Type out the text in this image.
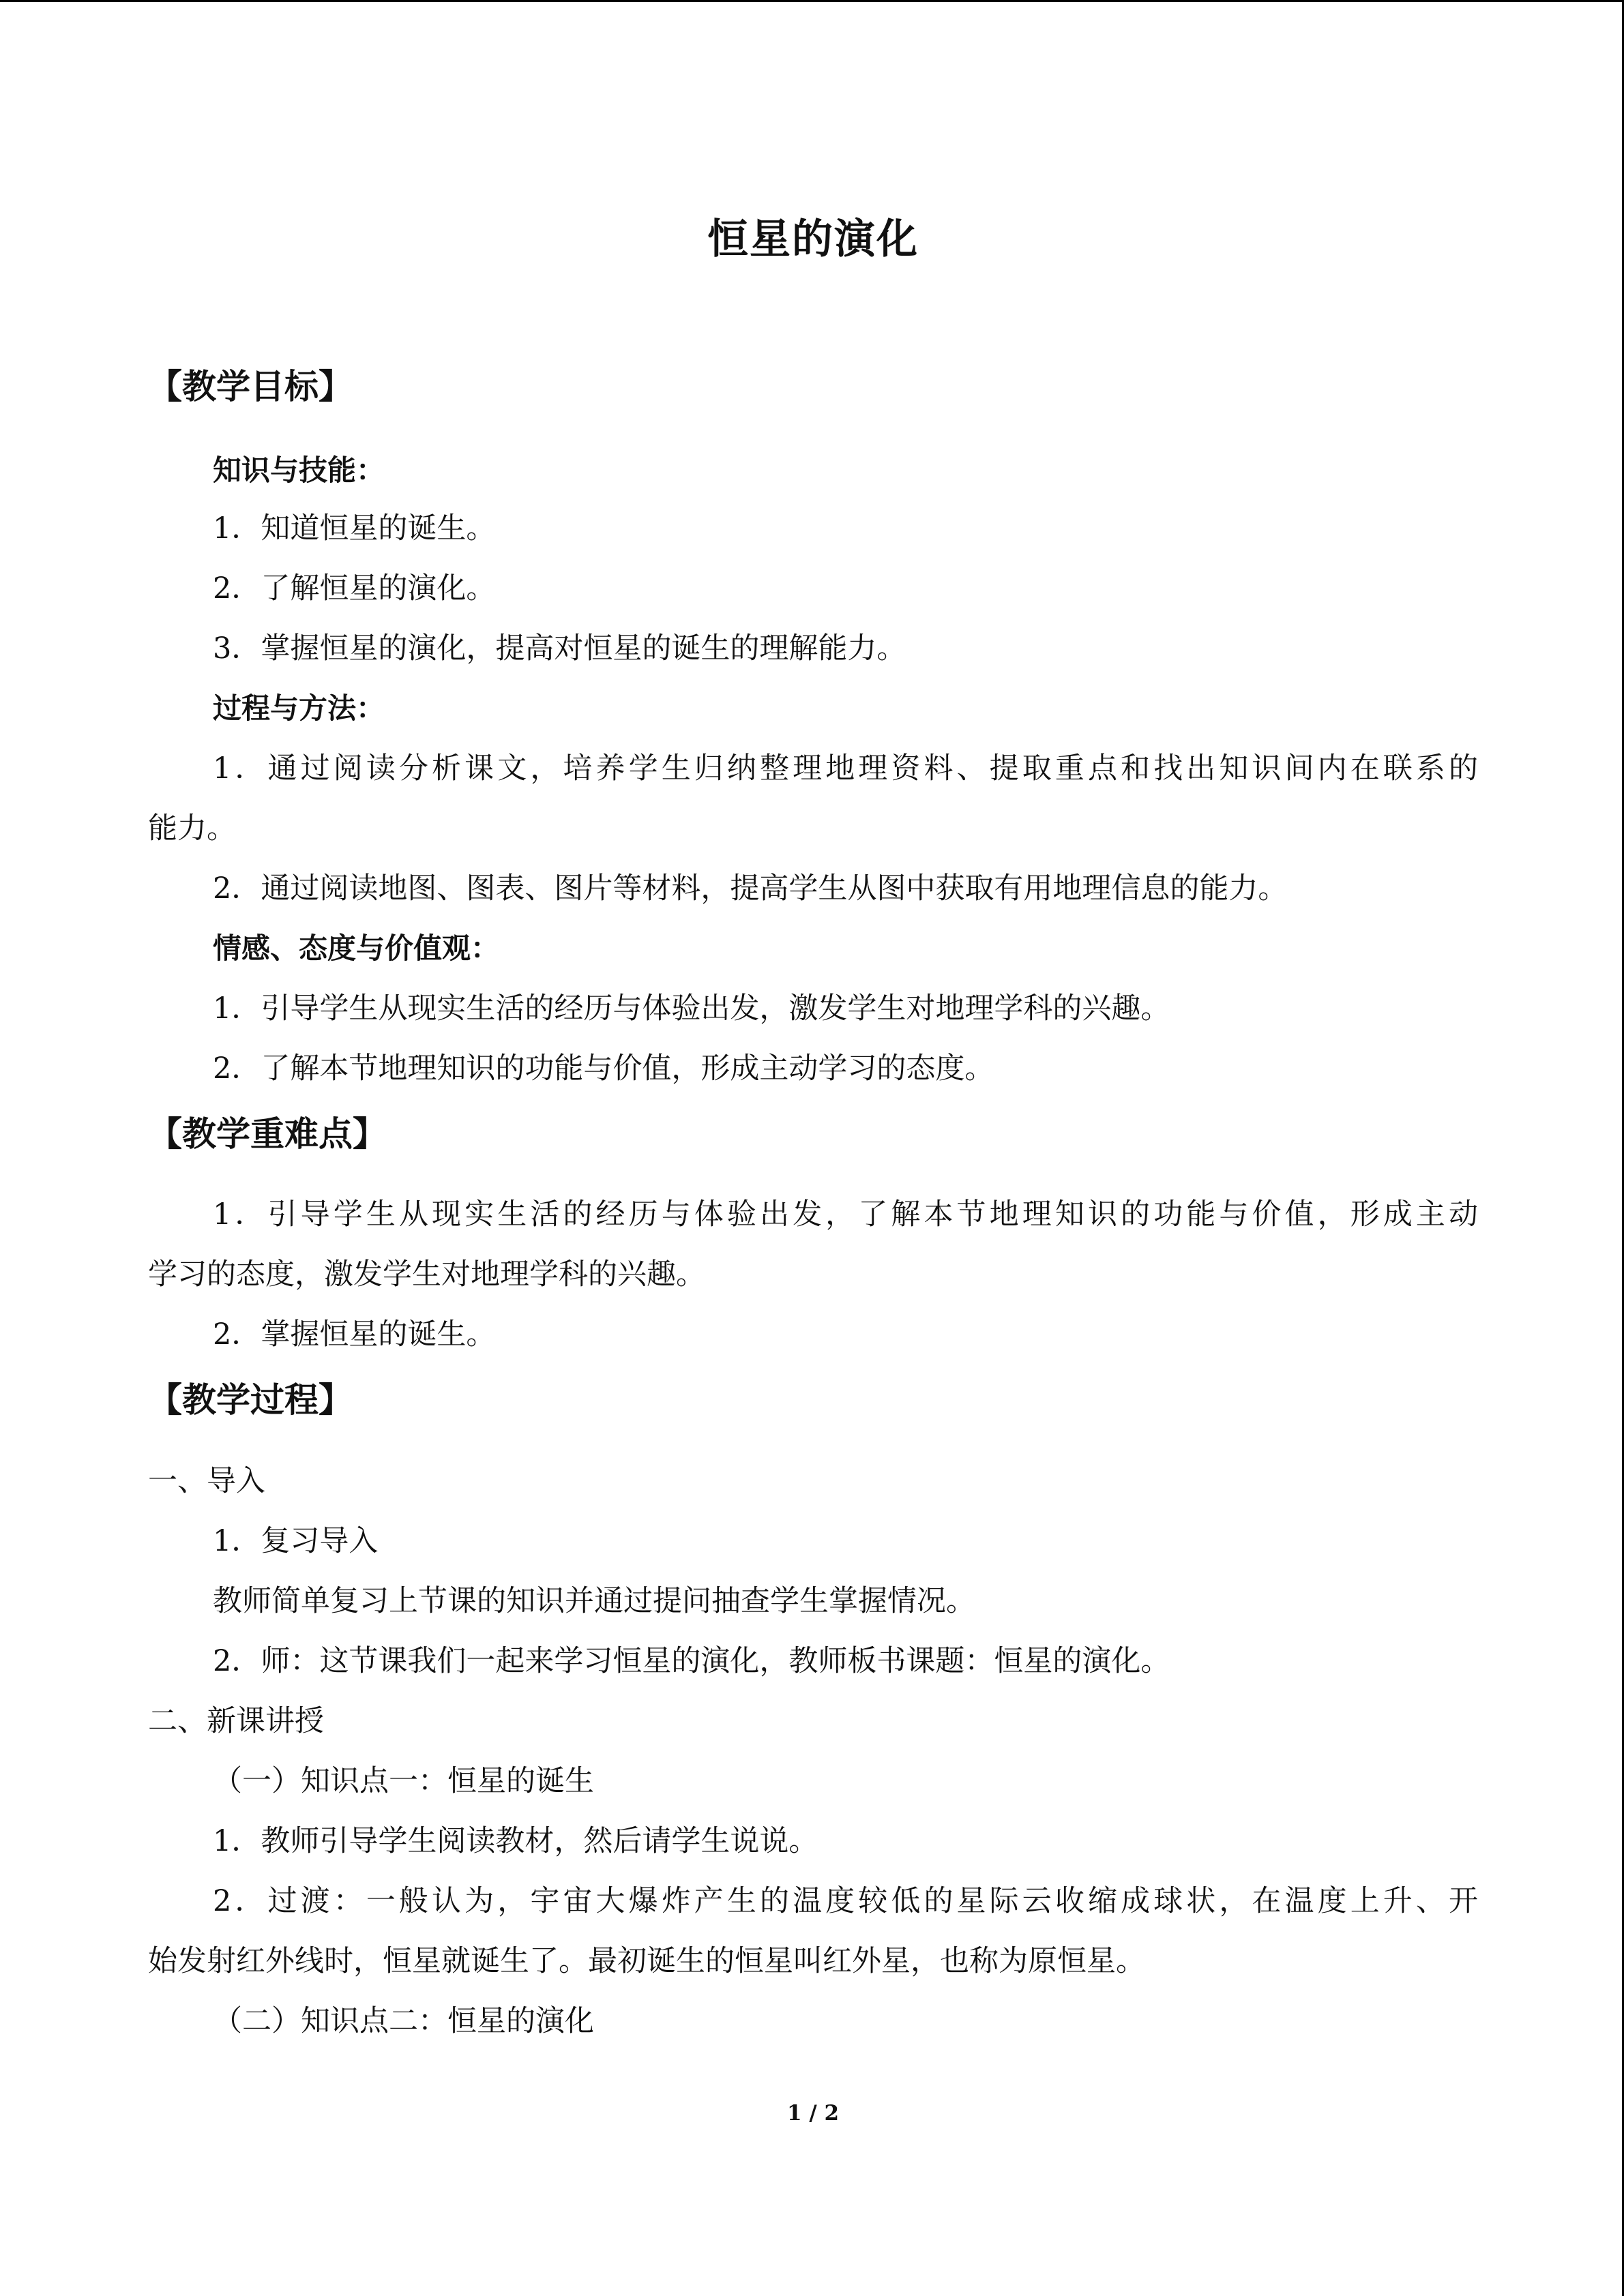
恒星的演化
【教学目标】
知识与技能：
1．知道恒星的诞生。
2．了解恒星的演化。
3．掌握恒星的演化，提高对恒星的诞生的理解能力。
过程与方法：
1．通过阅读分析课文，培养学生归纳整理地理资料、提取重点和找出知识间内在联系的
能力。
2．通过阅读地图、图表、图片等材料，提高学生从图中获取有用地理信息的能力。
情感、态度与价值观：
1．引导学生从现实生活的经历与体验出发，激发学生对地理学科的兴趣。
2．了解本节地理知识的功能与价值，形成主动学习的态度。
【教学重难点】
1．引导学生从现实生活的经历与体验出发，了解本节地理知识的功能与价值，形成主动
学习的态度，激发学生对地理学科的兴趣。
2．掌握恒星的诞生。
【教学过程】
一、导入
1．复习导入
教师简单复习上节课的知识并通过提问抽查学生掌握情况。
2．师：这节课我们一起来学习恒星的演化，教师板书课题：恒星的演化。
二、新课讲授
（一）知识点一：恒星的诞生
1．教师引导学生阅读教材，然后请学生说说。
2．过渡：一般认为，宇宙大爆炸产生的温度较低的星际云收缩成球状，在温度上升、开
始发射红外线时，恒星就诞生了。最初诞生的恒星叫红外星，也称为原恒星。
（二）知识点二：恒星的演化
1 / 2
